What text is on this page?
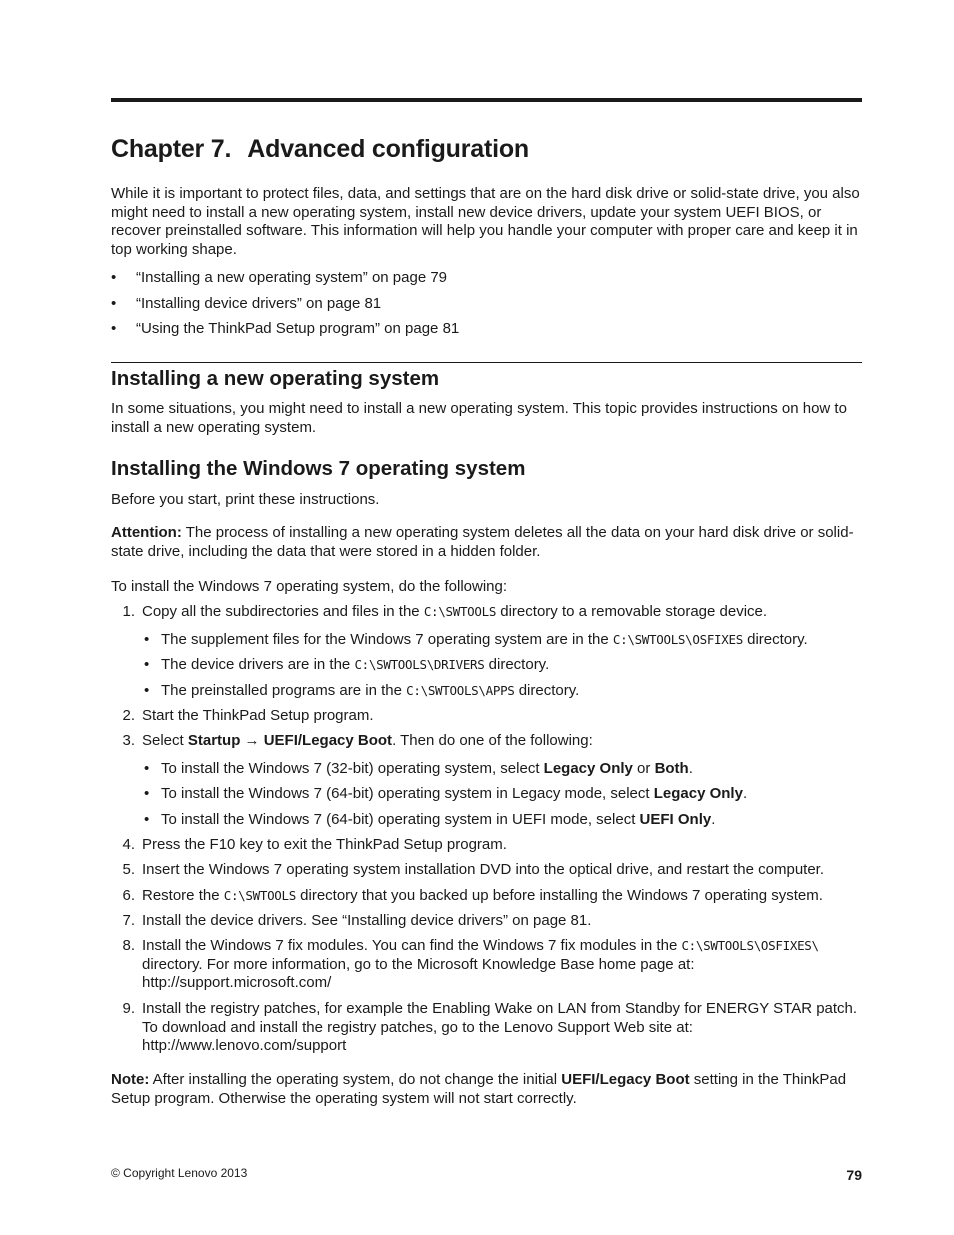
Chapter 7. Advanced configuration

While it is important to protect files, data, and settings that are on the hard disk drive or solid-state drive, you also might need to install a new operating system, install new device drivers, update your system UEFI BIOS, or recover preinstalled software. This information will help you handle your computer with proper care and keep it in top working shape.

• “Installing a new operating system” on page 79
• “Installing device drivers” on page 81
• “Using the ThinkPad Setup program” on page 81
Installing a new operating system

In some situations, you might need to install a new operating system. This topic provides instructions on how to install a new operating system.

Installing the Windows 7 operating system

Before you start, print these instructions.

Attention: The process of installing a new operating system deletes all the data on your hard disk drive or solid-state drive, including the data that were stored in a hidden folder.

To install the Windows 7 operating system, do the following:

1. Copy all the subdirectories and files in the C:\SWTOOLS directory to a removable storage device.
• The supplement files for the Windows 7 operating system are in the C:\SWTOOLS\OSFIXES directory.
• The device drivers are in the C:\SWTOOLS\DRIVERS directory.
• The preinstalled programs are in the C:\SWTOOLS\APPS directory.
2. Start the ThinkPad Setup program.
3. Select Startup → UEFI/Legacy Boot. Then do one of the following:
• To install the Windows 7 (32-bit) operating system, select Legacy Only or Both.
• To install the Windows 7 (64-bit) operating system in Legacy mode, select Legacy Only.
• To install the Windows 7 (64-bit) operating system in UEFI mode, select UEFI Only.
4. Press the F10 key to exit the ThinkPad Setup program.
5. Insert the Windows 7 operating system installation DVD into the optical drive, and restart the computer.
6. Restore the C:\SWTOOLS directory that you backed up before installing the Windows 7 operating system.
7. Install the device drivers. See “Installing device drivers” on page 81.
8. Install the Windows 7 fix modules. You can find the Windows 7 fix modules in the C:\SWTOOLS\OSFIXES\ directory. For more information, go to the Microsoft Knowledge Base home page at:
http://support.microsoft.com/
9. Install the registry patches, for example the Enabling Wake on LAN from Standby for ENERGY STAR patch. To download and install the registry patches, go to the Lenovo Support Web site at:
http://www.lenovo.com/support

Note: After installing the operating system, do not change the initial UEFI/Legacy Boot setting in the ThinkPad Setup program. Otherwise the operating system will not start correctly.

© Copyright Lenovo 2013	79
